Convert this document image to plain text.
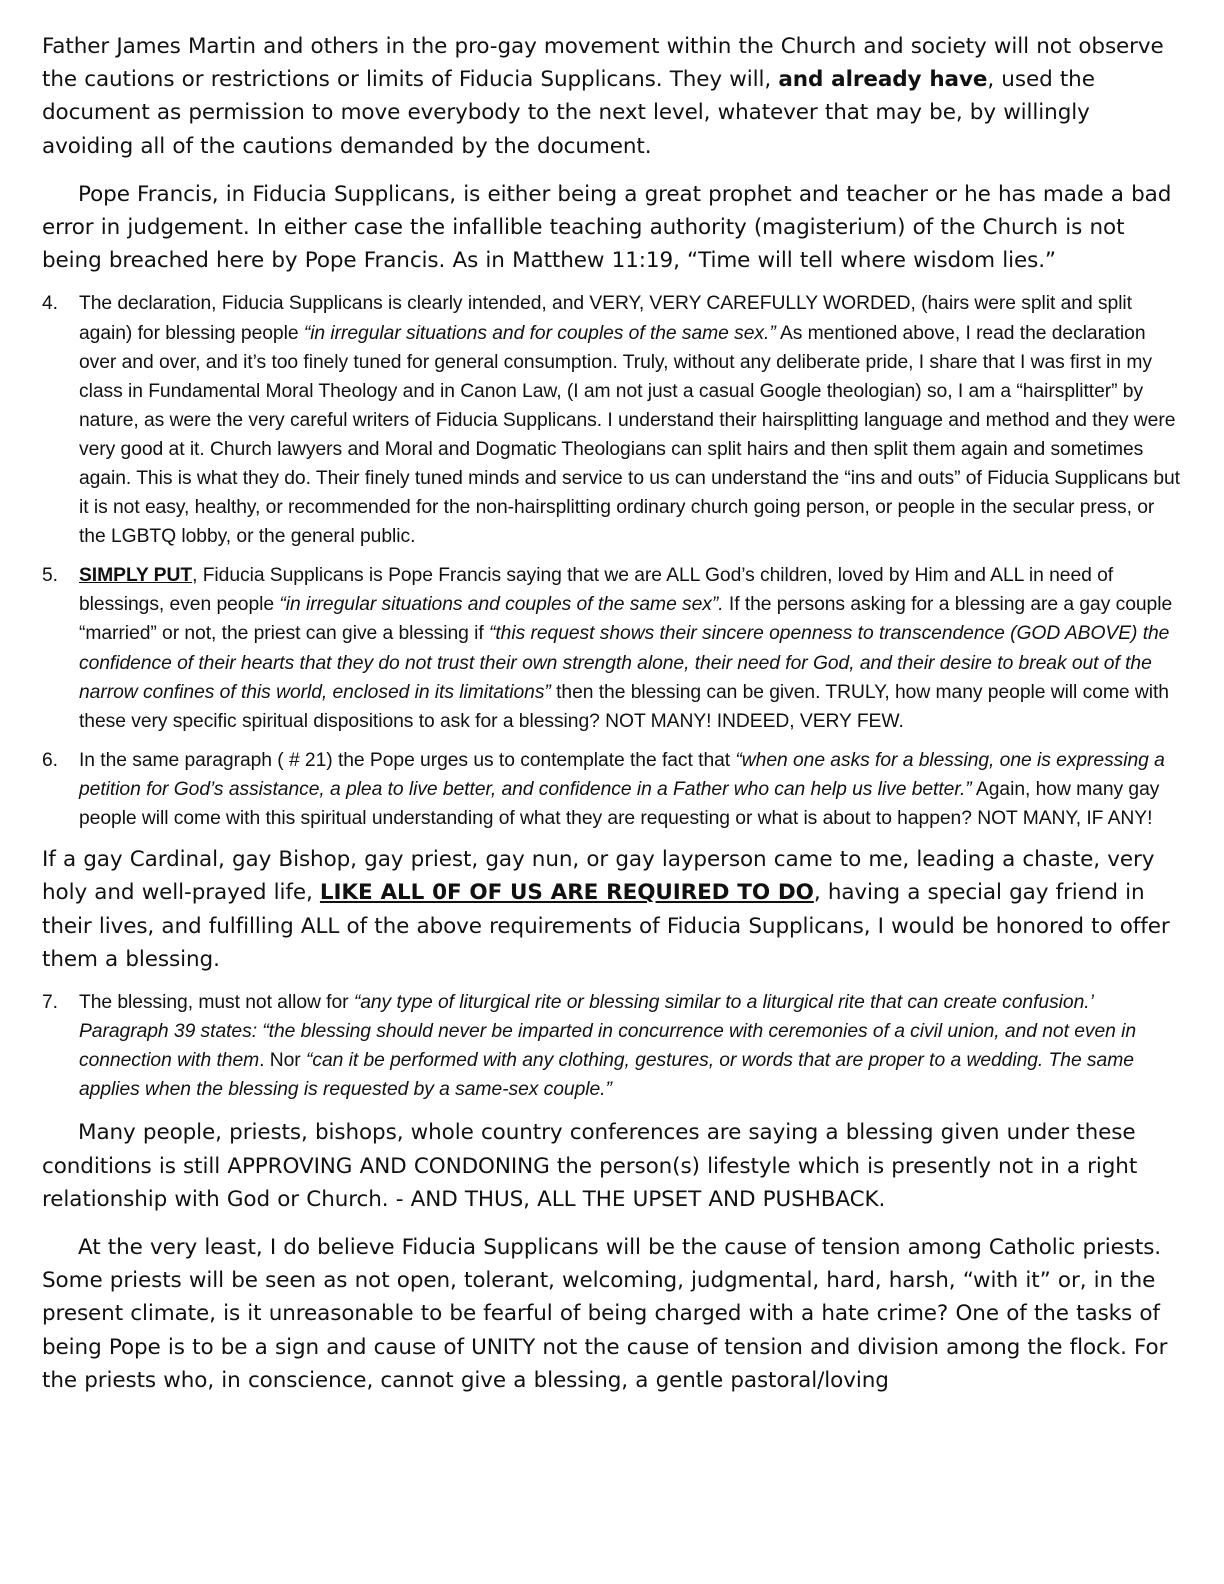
Father James Martin and others in the pro-gay movement within the Church and society will not observe the cautions or restrictions or limits of Fiducia Supplicans. They will, and already have, used the document as permission to move everybody to the next level, whatever that may be, by willingly avoiding all of the cautions demanded by the document.

Pope Francis, in Fiducia Supplicans, is either being a great prophet and teacher or he has made a bad error in judgement. In either case the infallible teaching authority (magisterium) of the Church is not being breached here by Pope Francis. As in Matthew 11:19, “Time will tell where wisdom lies.”

4. The declaration, Fiducia Supplicans is clearly intended, and VERY, VERY CAREFULLY WORDED, (hairs were split and split again) for blessing people “in irregular situations and for couples of the same sex.” As mentioned above, I read the declaration over and over, and it’s too finely tuned for general consumption. Truly, without any deliberate pride, I share that I was first in my class in Fundamental Moral Theology and in Canon Law, (I am not just a casual Google theologian) so, I am a “hairsplitter” by nature, as were the very careful writers of Fiducia Supplicans. I understand their hairsplitting language and method and they were very good at it. Church lawyers and Moral and Dogmatic Theologians can split hairs and then split them again and sometimes again. This is what they do. Their finely tuned minds and service to us can understand the “ins and outs” of Fiducia Supplicans but it is not easy, healthy, or recommended for the non-hairsplitting ordinary church going person, or people in the secular press, or the LGBTQ lobby, or the general public.
5. SIMPLY PUT, Fiducia Supplicans is Pope Francis saying that we are ALL God’s children, loved by Him and ALL in need of blessings, even people “in irregular situations and couples of the same sex”. If the persons asking for a blessing are a gay couple “married” or not, the priest can give a blessing if “this request shows their sincere openness to transcendence (GOD ABOVE) the confidence of their hearts that they do not trust their own strength alone, their need for God, and their desire to break out of the narrow confines of this world, enclosed in its limitations” then the blessing can be given. TRULY, how many people will come with these very specific spiritual dispositions to ask for a blessing? NOT MANY! INDEED, VERY FEW.
6. In the same paragraph ( # 21) the Pope urges us to contemplate the fact that “when one asks for a blessing, one is expressing a petition for God’s assistance, a plea to live better, and confidence in a Father who can help us live better.” Again, how many gay people will come with this spiritual understanding of what they are requesting or what is about to happen? NOT MANY, IF ANY!

If a gay Cardinal, gay Bishop, gay priest, gay nun, or gay layperson came to me, leading a chaste, very holy and well-prayed life, LIKE ALL 0F OF US ARE REQUIRED TO DO, having a special gay friend in their lives, and fulfilling ALL of the above requirements of Fiducia Supplicans, I would be honored to offer them a blessing.

7. The blessing, must not allow for “any type of liturgical rite or blessing similar to a liturgical rite that can create confusion.’ Paragraph 39 states: “the blessing should never be imparted in concurrence with ceremonies of a civil union, and not even in connection with them. Nor “can it be performed with any clothing, gestures, or words that are proper to a wedding. The same applies when the blessing is requested by a same-sex couple.”

Many people, priests, bishops, whole country conferences are saying a blessing given under these conditions is still APPROVING AND CONDONING the person(s) lifestyle which is presently not in a right relationship with God or Church. - AND THUS, ALL THE UPSET AND PUSHBACK.

At the very least, I do believe Fiducia Supplicans will be the cause of tension among Catholic priests. Some priests will be seen as not open, tolerant, welcoming, judgmental, hard, harsh, “with it” or, in the present climate, is it unreasonable to be fearful of being charged with a hate crime? One of the tasks of being Pope is to be a sign and cause of UNITY not the cause of tension and division among the flock. For the priests who, in conscience, cannot give a blessing, a gentle pastoral/loving
